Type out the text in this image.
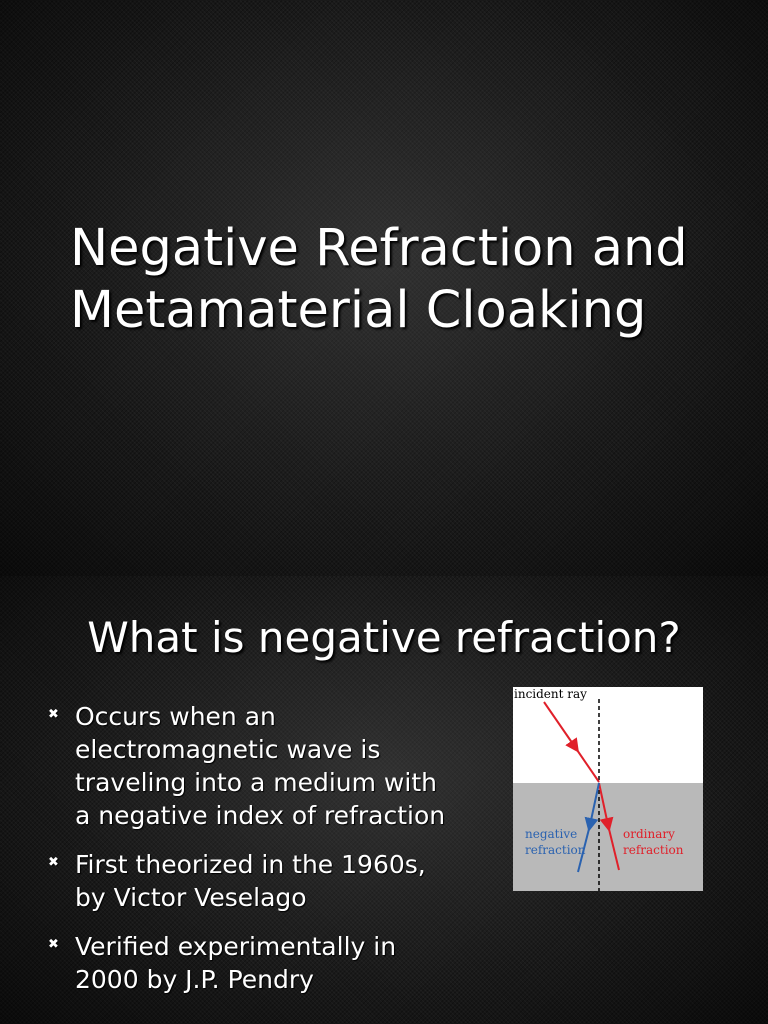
Negative Refraction and
Metamaterial Cloaking
What is negative refraction?
✖ Occurs when an
electromagnetic wave is
traveling into a medium with
a negative index of refraction
✖ First theorized in the 1960s,
by Victor Veselago
✖ Verified experimentally in
2000 by J.P. Pendry
incident ray
negative
refraction
ordinary
refraction
